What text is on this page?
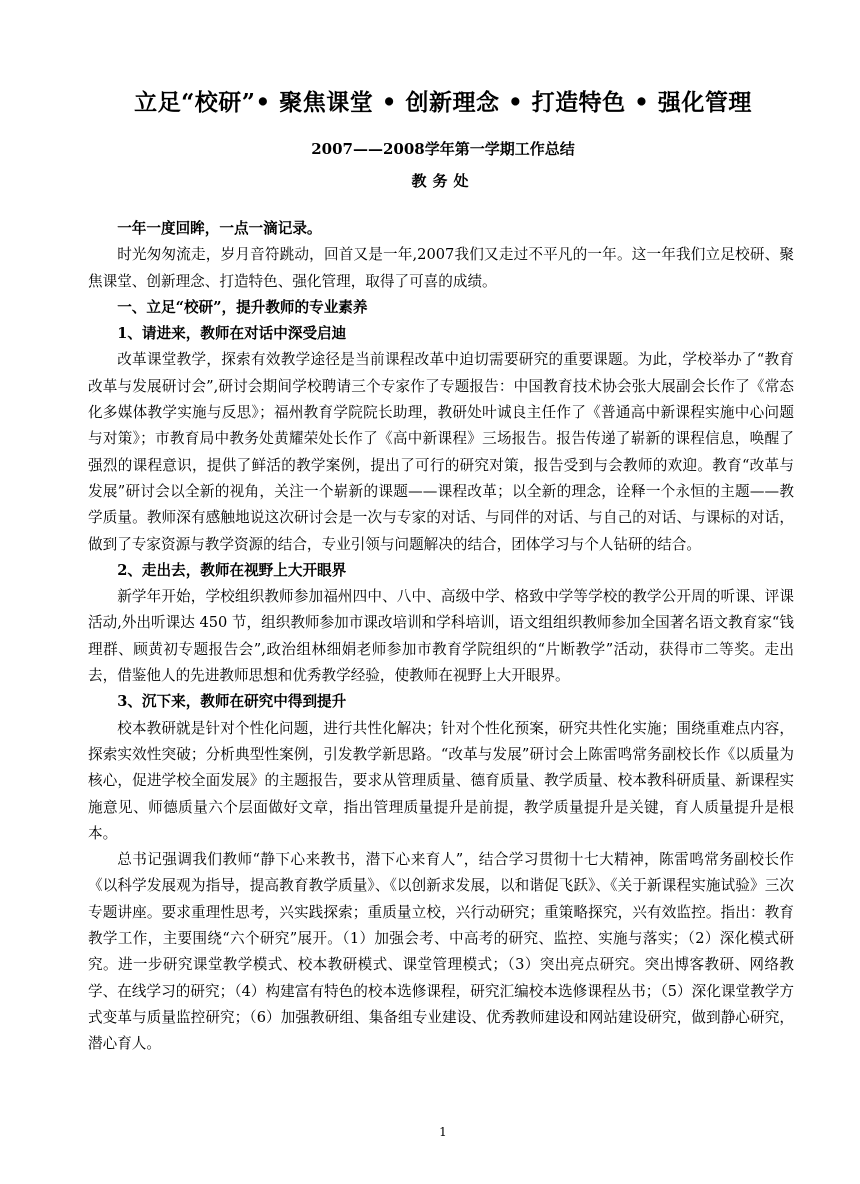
立足“校研”• 聚焦课堂 • 创新理念 • 打造特色 • 强化管理
2007——2008学年第一学期工作总结
教务处

一年一度回眸，一点一滴记录。

时光匆匆流走，岁月音符跳动，回首又是一年,2007我们又走过不平凡的一年。这一年我们立足校研、聚焦课堂、创新理念、打造特色、强化管理，取得了可喜的成绩。

一、立足“校研”，提升教师的专业素养

1、请进来，教师在对话中深受启迪

改革课堂教学，探索有效教学途径是当前课程改革中迫切需要研究的重要课题。为此，学校举办了“教育改革与发展研讨会”,研讨会期间学校聘请三个专家作了专题报告：中国教育技术协会张大展副会长作了《常态化多媒体教学实施与反思》；福州教育学院院长助理，教研处叶诚良主任作了《普通高中新课程实施中心问题与对策》；市教育局中教务处黄耀荣处长作了《高中新课程》三场报告。报告传递了崭新的课程信息，唤醒了强烈的课程意识，提供了鲜活的教学案例，提出了可行的研究对策，报告受到与会教师的欢迎。教育“改革与发展”研讨会以全新的视角，关注一个崭新的课题——课程改革；以全新的理念，诠释一个永恒的主题——教学质量。教师深有感触地说这次研讨会是一次与专家的对话、与同伴的对话、与自己的对话、与课标的对话，做到了专家资源与教学资源的结合，专业引领与问题解决的结合，团体学习与个人钻研的结合。

2、走出去，教师在视野上大开眼界

新学年开始，学校组织教师参加福州四中、八中、高级中学、格致中学等学校的教学公开周的听课、评课活动,外出听课达 450 节，组织教师参加市课改培训和学科培训，语文组组织教师参加全国著名语文教育家“钱理群、顾黄初专题报告会”,政治组林细娟老师参加市教育学院组织的“片断教学”活动，获得市二等奖。走出去，借鉴他人的先进教师思想和优秀教学经验，使教师在视野上大开眼界。

3、沉下来，教师在研究中得到提升

校本教研就是针对个性化问题，进行共性化解决；针对个性化预案，研究共性化实施；围绕重难点内容，探索实效性突破；分析典型性案例，引发教学新思路。“改革与发展”研讨会上陈雷鸣常务副校长作《以质量为核心，促进学校全面发展》的主题报告，要求从管理质量、德育质量、教学质量、校本教科研质量、新课程实施意见、师德质量六个层面做好文章，指出管理质量提升是前提，教学质量提升是关键，育人质量提升是根本。

总书记强调我们教师“静下心来教书，潜下心来育人”，结合学习贯彻十七大精神，陈雷鸣常务副校长作《以科学发展观为指导，提高教育教学质量》、《以创新求发展，以和谐促飞跃》、《关于新课程实施试验》三次专题讲座。要求重理性思考，兴实践探索；重质量立校，兴行动研究；重策略探究，兴有效监控。指出：教育教学工作，主要围绕“六个研究”展开。（1）加强会考、中高考的研究、监控、实施与落实；（2）深化模式研究。进一步研究课堂教学模式、校本教研模式、课堂管理模式；（3）突出亮点研究。突出博客教研、网络教学、在线学习的研究；（4）构建富有特色的校本选修课程，研究汇编校本选修课程丛书；（5）深化课堂教学方式变革与质量监控研究；（6）加强教研组、集备组专业建设、优秀教师建设和网站建设研究，做到静心研究，潜心育人。

1
